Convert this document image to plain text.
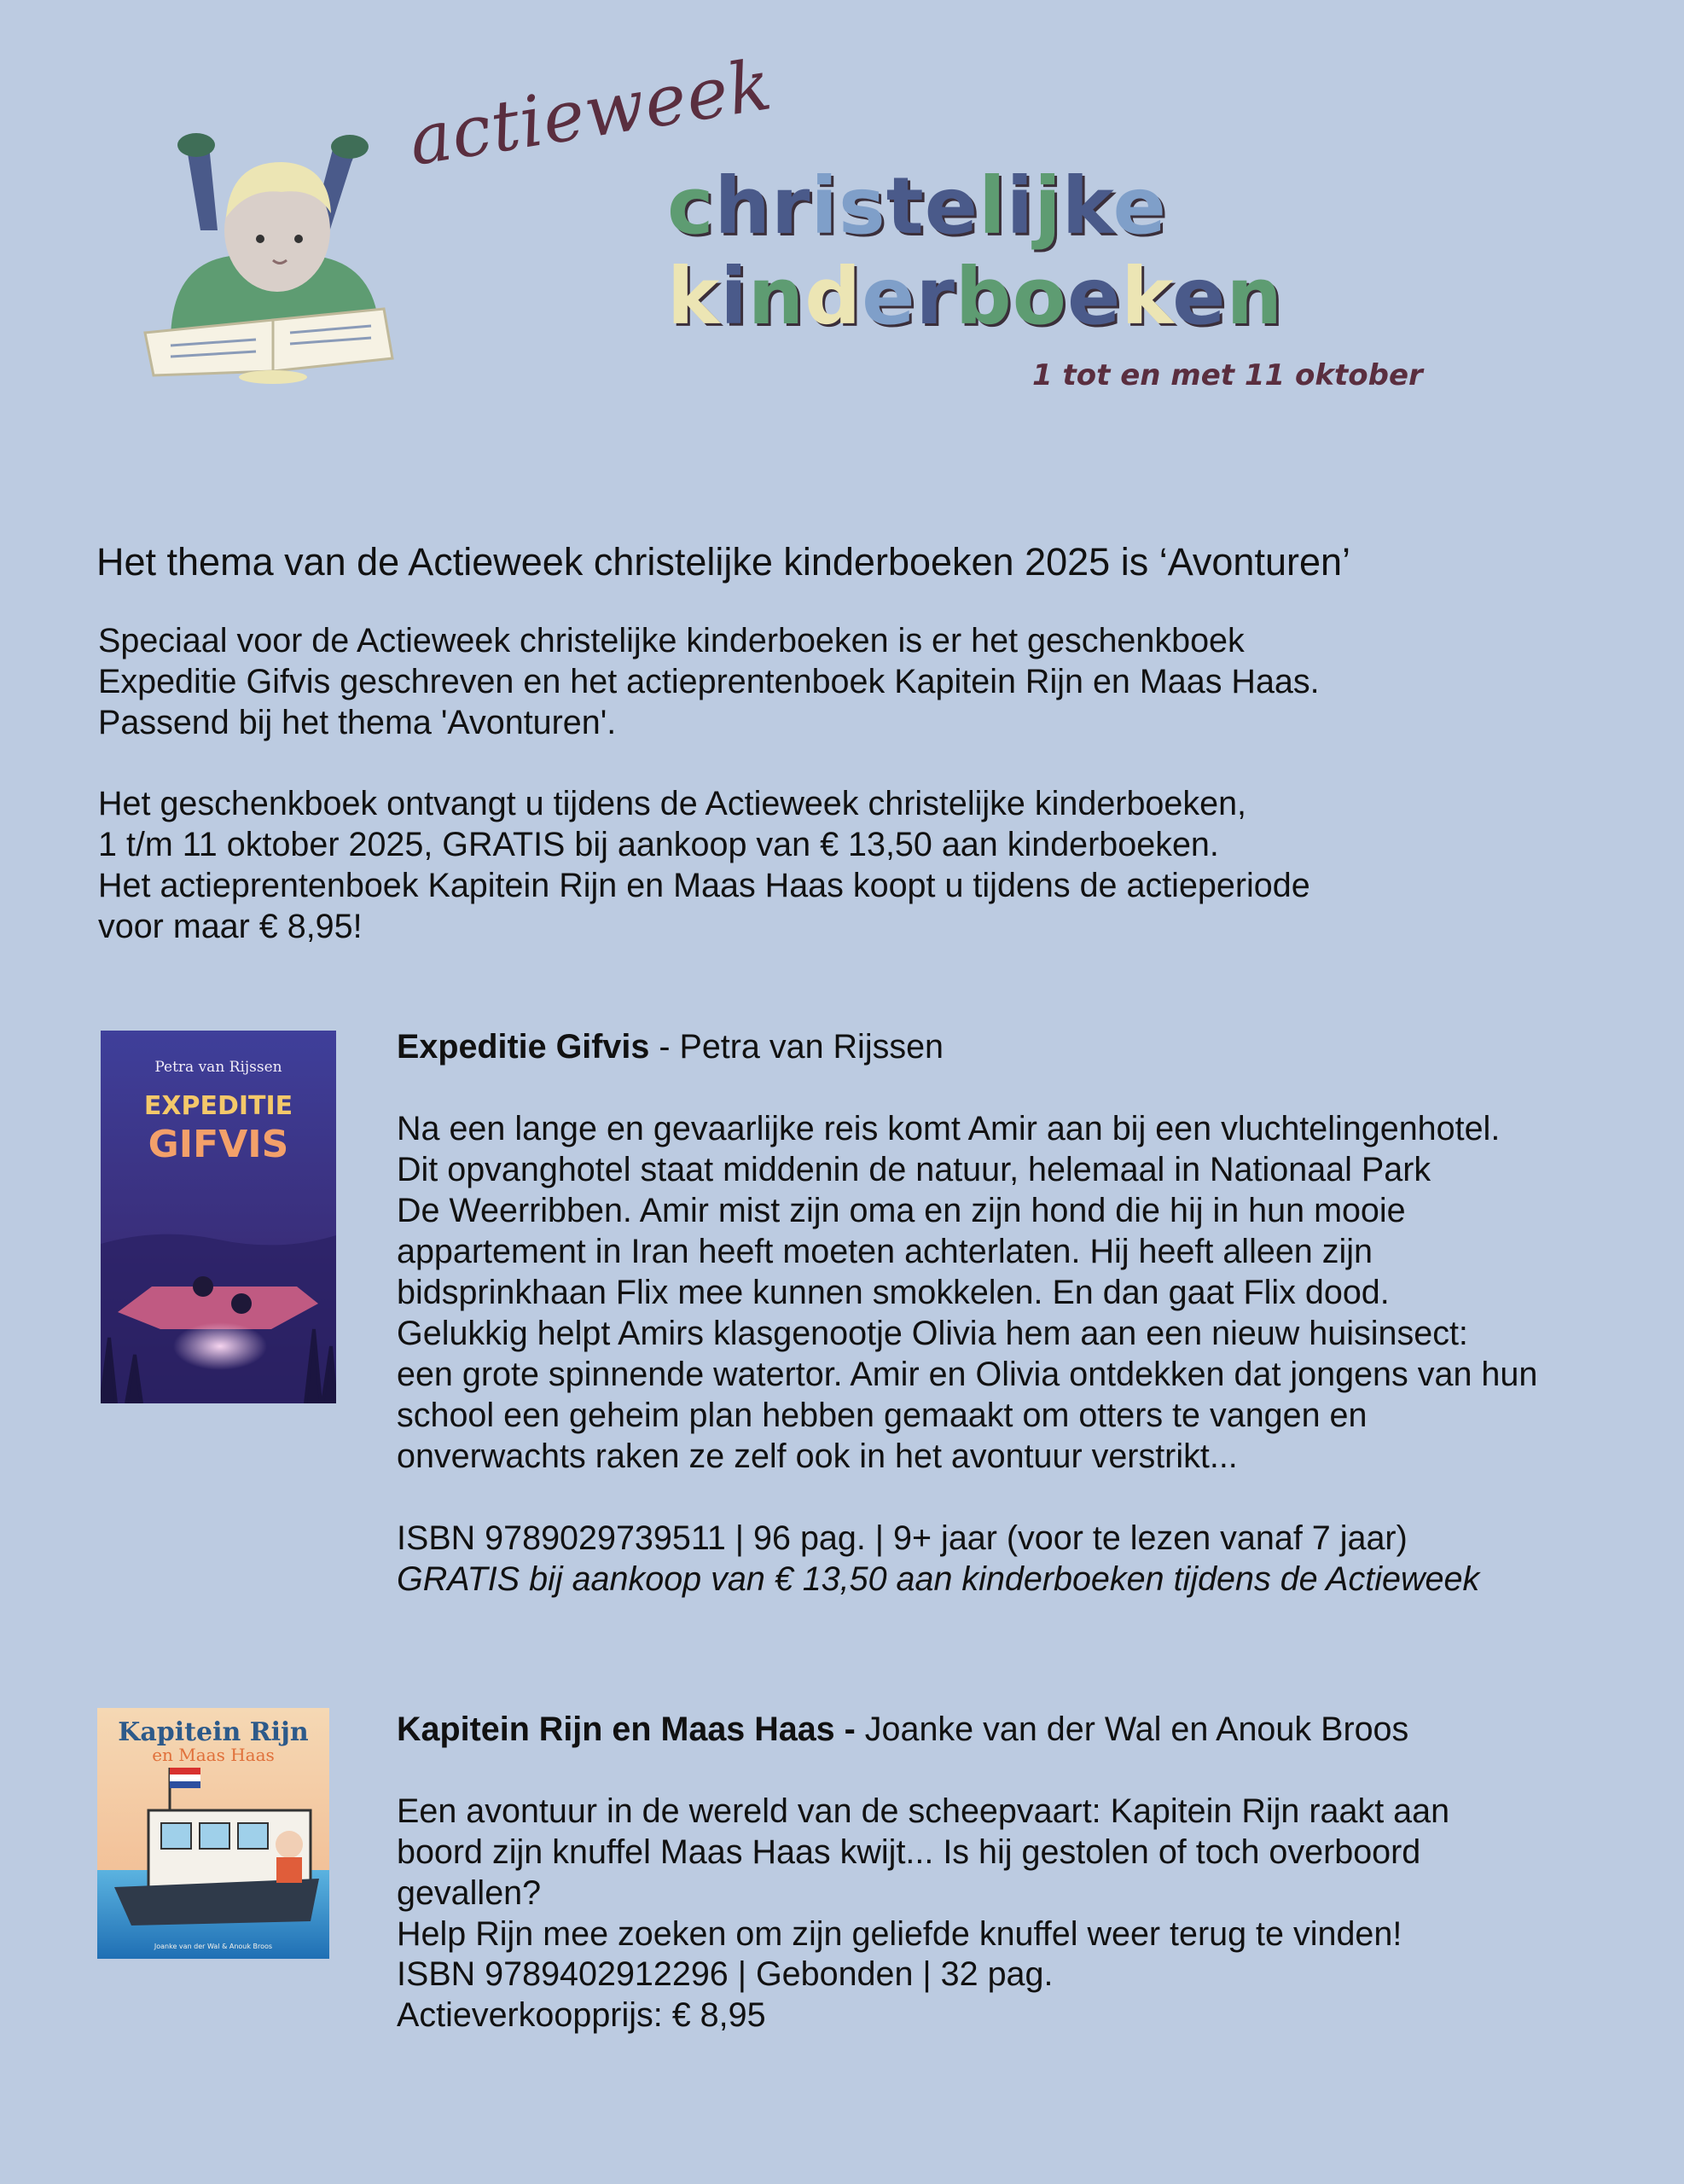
actieweek
christelijke
kinderboeken
1 tot en met 11 oktober
Het thema van de Actieweek christelijke kinderboeken 2025 is ‘Avonturen’
Speciaal voor de Actieweek christelijke kinderboeken is er het geschenkboek
Expeditie Gifvis geschreven en het actieprentenboek Kapitein Rijn en Maas Haas.
Passend bij het thema 'Avonturen'.
Het geschenkboek ontvangt u tijdens de Actieweek christelijke kinderboeken,
1 t/m 11 oktober 2025, GRATIS bij aankoop van € 13,50 aan kinderboeken.
Het actieprentenboek Kapitein Rijn en Maas Haas koopt u tijdens de actieperiode
voor maar € 8,95!
Petra van Rijssen
EXPEDITIE
GIFVIS
Expeditie Gifvis - Petra van Rijssen
Na een lange en gevaarlijke reis komt Amir aan bij een vluchtelingenhotel.
Dit opvanghotel staat middenin de natuur, helemaal in Nationaal Park
De Weerribben. Amir mist zijn oma en zijn hond die hij in hun mooie
appartement in Iran heeft moeten achterlaten. Hij heeft alleen zijn
bidsprinkhaan Flix mee kunnen smokkelen. En dan gaat Flix dood.
Gelukkig helpt Amirs klasgenootje Olivia hem aan een nieuw huisinsect:
een grote spinnende watertor. Amir en Olivia ontdekken dat jongens van hun
school een geheim plan hebben gemaakt om otters te vangen en
onverwachts raken ze zelf ook in het avontuur verstrikt...
ISBN 9789029739511 | 96 pag. | 9+ jaar (voor te lezen vanaf 7 jaar)
GRATIS bij aankoop van € 13,50 aan kinderboeken tijdens de Actieweek
Kapitein Rijn
en Maas Haas
Joanke van der Wal & Anouk Broos
Kapitein Rijn en Maas Haas - Joanke van der Wal en Anouk Broos
Een avontuur in de wereld van de scheepvaart: Kapitein Rijn raakt aan
boord zijn knuffel Maas Haas kwijt... Is hij gestolen of toch overboord
gevallen?
Help Rijn mee zoeken om zijn geliefde knuffel weer terug te vinden!
ISBN 9789402912296 | Gebonden | 32 pag.
Actieverkoopprijs: € 8,95
